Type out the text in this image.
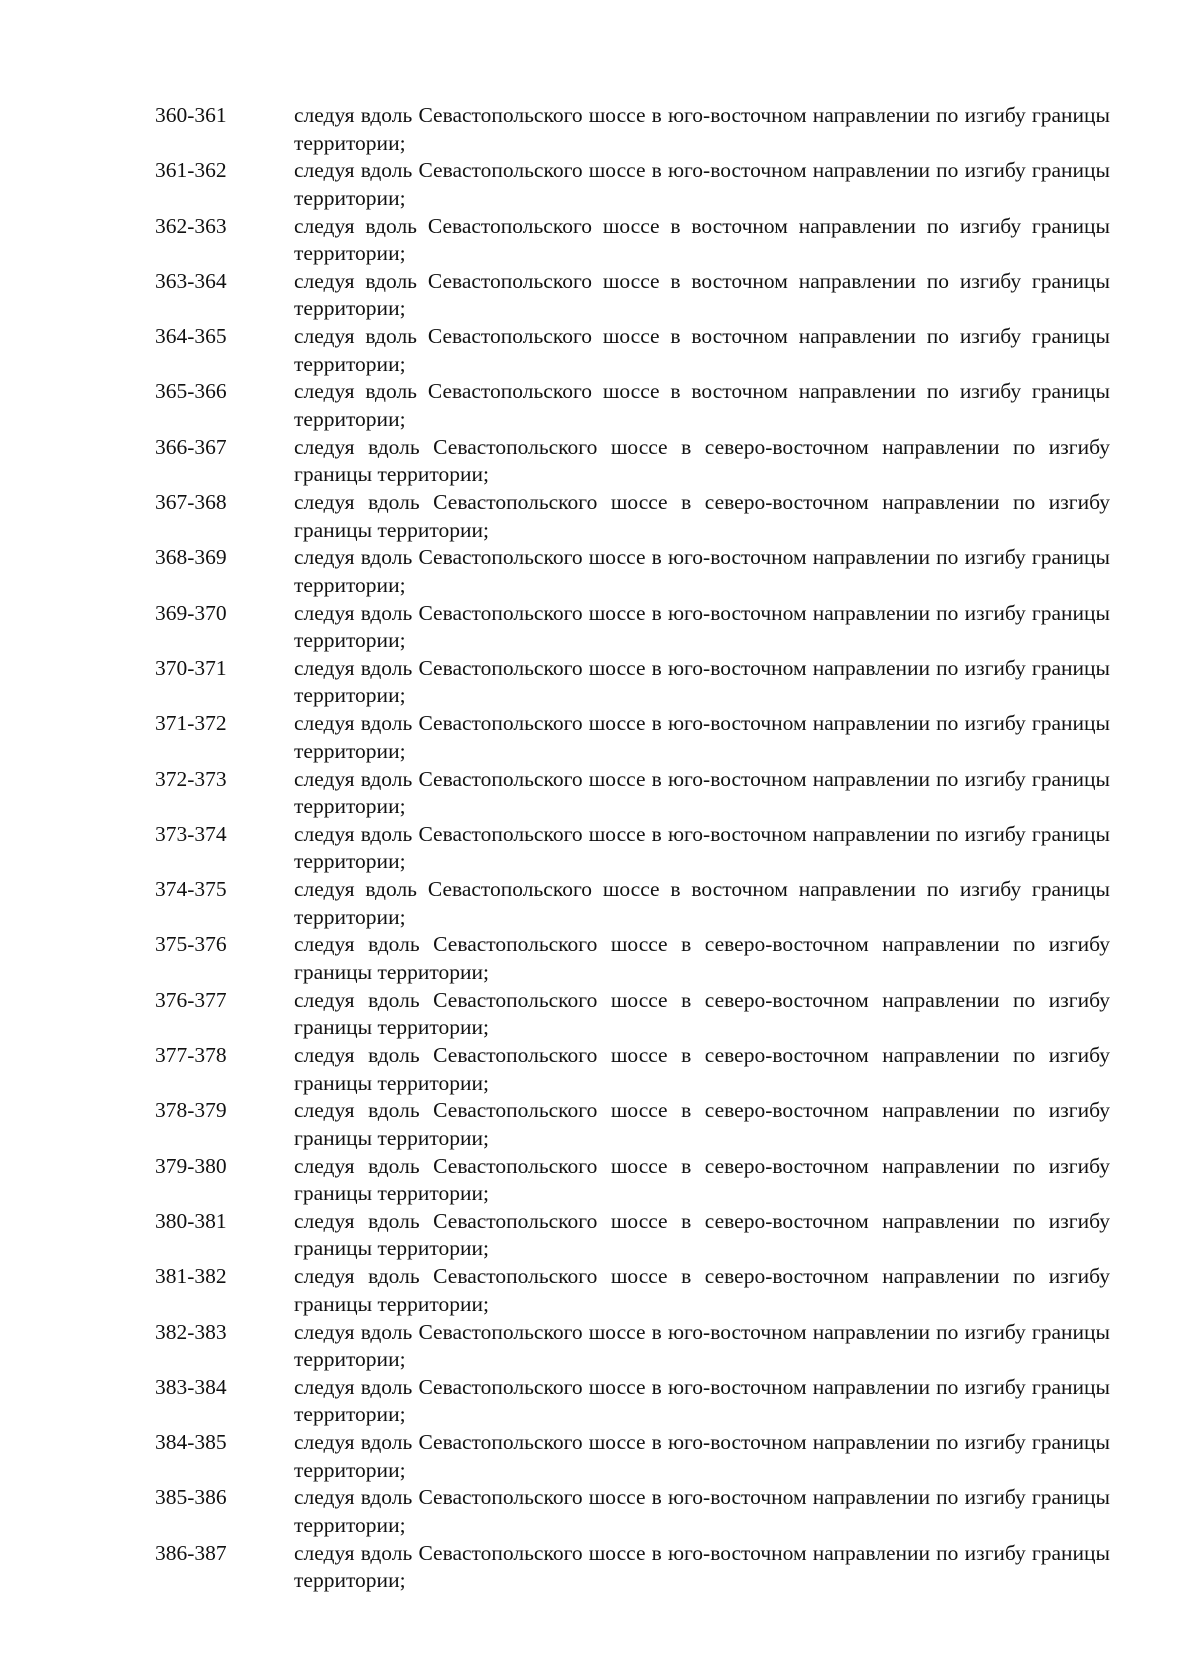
360-361	следуя вдоль Севастопольского шоссе в юго-восточном направлении по изгибу границы территории;
361-362	следуя вдоль Севастопольского шоссе в юго-восточном направлении по изгибу границы территории;
362-363	следуя вдоль Севастопольского шоссе в восточном направлении по изгибу границы территории;
363-364	следуя вдоль Севастопольского шоссе в восточном направлении по изгибу границы территории;
364-365	следуя вдоль Севастопольского шоссе в восточном направлении по изгибу границы территории;
365-366	следуя вдоль Севастопольского шоссе в восточном направлении по изгибу границы территории;
366-367	следуя вдоль Севастопольского шоссе в северо-восточном направлении по изгибу границы территории;
367-368	следуя вдоль Севастопольского шоссе в северо-восточном направлении по изгибу границы территории;
368-369	следуя вдоль Севастопольского шоссе в юго-восточном направлении по изгибу границы территории;
369-370	следуя вдоль Севастопольского шоссе в юго-восточном направлении по изгибу границы территории;
370-371	следуя вдоль Севастопольского шоссе в юго-восточном направлении по изгибу границы территории;
371-372	следуя вдоль Севастопольского шоссе в юго-восточном направлении по изгибу границы территории;
372-373	следуя вдоль Севастопольского шоссе в юго-восточном направлении по изгибу границы территории;
373-374	следуя вдоль Севастопольского шоссе в юго-восточном направлении по изгибу границы территории;
374-375	следуя вдоль Севастопольского шоссе в восточном направлении по изгибу границы территории;
375-376	следуя вдоль Севастопольского шоссе в северо-восточном направлении по изгибу границы территории;
376-377	следуя вдоль Севастопольского шоссе в северо-восточном направлении по изгибу границы территории;
377-378	следуя вдоль Севастопольского шоссе в северо-восточном направлении по изгибу границы территории;
378-379	следуя вдоль Севастопольского шоссе в северо-восточном направлении по изгибу границы территории;
379-380	следуя вдоль Севастопольского шоссе в северо-восточном направлении по изгибу границы территории;
380-381	следуя вдоль Севастопольского шоссе в северо-восточном направлении по изгибу границы территории;
381-382	следуя вдоль Севастопольского шоссе в северо-восточном направлении по изгибу границы территории;
382-383	следуя вдоль Севастопольского шоссе в юго-восточном направлении по изгибу границы территории;
383-384	следуя вдоль Севастопольского шоссе в юго-восточном направлении по изгибу границы территории;
384-385	следуя вдоль Севастопольского шоссе в юго-восточном направлении по изгибу границы территории;
385-386	следуя вдоль Севастопольского шоссе в юго-восточном направлении по изгибу границы территории;
386-387	следуя вдоль Севастопольского шоссе в юго-восточном направлении по изгибу границы территории;
